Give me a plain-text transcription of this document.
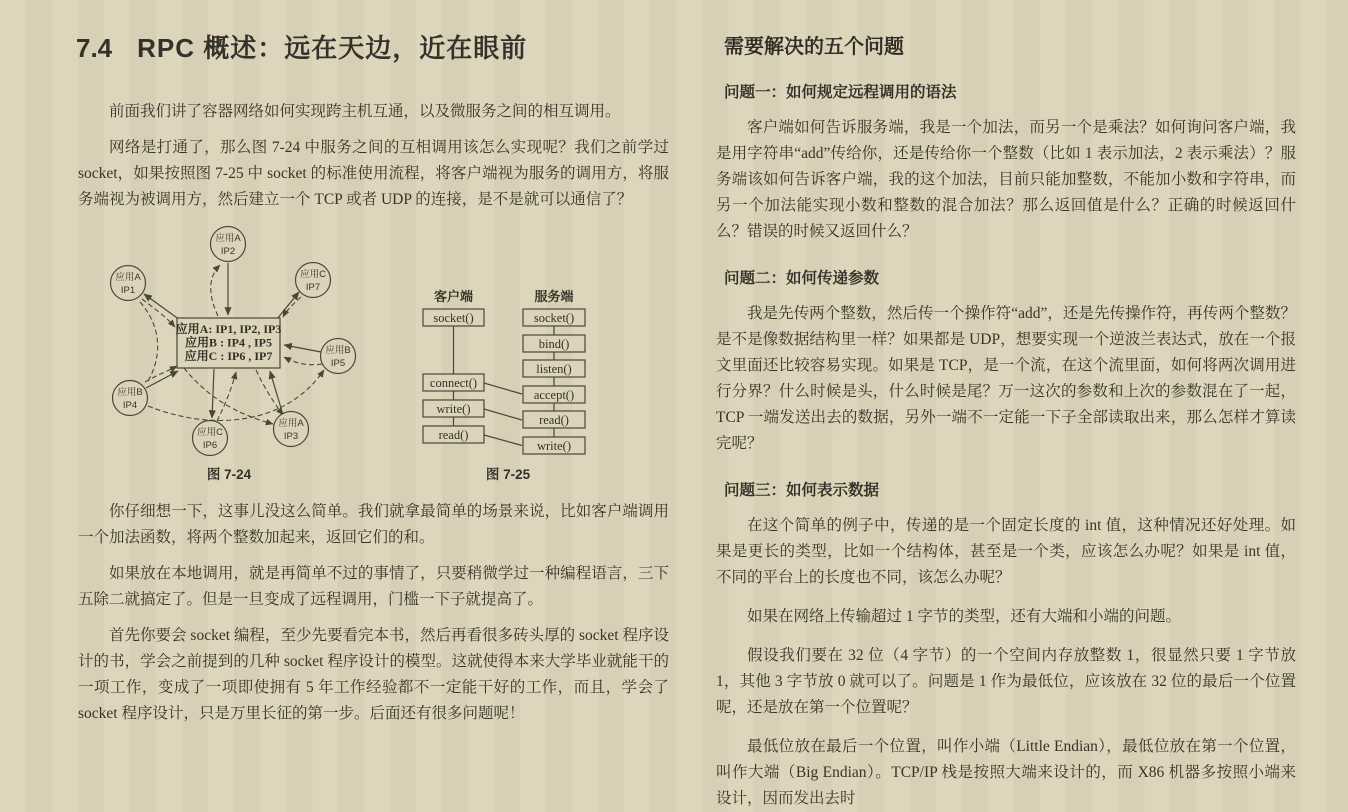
7.4 RPC 概述：远在天边，近在眼前

前面我们讲了容器网络如何实现跨主机互通，以及微服务之间的相互调用。

网络是打通了，那么图 7-24 中服务之间的互相调用该怎么实现呢？我们之前学过 socket，如果按照图 7-25 中 socket 的标准使用流程，将客户端视为服务的调用方，将服务端视为被调用方，然后建立一个 TCP 或者 UDP 的连接，是不是就可以通信了？

应用A: IP1, IP2, IP3
应用B : IP4 , IP5
应用C : IP6 , IP7
应用A
IP2
应用A
IP1
应用C
IP7
应用B
IP5
应用B
IP4
应用C
IP6
应用A
IP3
图 7-24
客户端	服务端
socket()
connect()
write()
read()
socket()
bind()
listen()
accept()
read()
write()
图 7-25

你仔细想一下，这事儿没这么简单。我们就拿最简单的场景来说，比如客户端调用一个加法函数，将两个整数加起来，返回它们的和。

如果放在本地调用，就是再简单不过的事情了，只要稍微学过一种编程语言，三下五除二就搞定了。但是一旦变成了远程调用，门槛一下子就提高了。

首先你要会 socket 编程，至少先要看完本书，然后再看很多砖头厚的 socket 程序设计的书，学会之前提到的几种 socket 程序设计的模型。这就使得本来大学毕业就能干的一项工作，变成了一项即使拥有 5 年工作经验都不一定能干好的工作，而且，学会了 socket 程序设计，只是万里长征的第一步。后面还有很多问题呢！

需要解决的五个问题
问题一：如何规定远程调用的语法

客户端如何告诉服务端，我是一个加法，而另一个是乘法？如何询问客户端，我是用字符串“add”传给你，还是传给你一个整数（比如 1 表示加法，2 表示乘法）？服务端该如何告诉客户端，我的这个加法，目前只能加整数，不能加小数和字符串，而另一个加法能实现小数和整数的混合加法？那么返回值是什么？正确的时候返回什么？错误的时候又返回什么？

问题二：如何传递参数

我是先传两个整数，然后传一个操作符“add”，还是先传操作符，再传两个整数？是不是像数据结构里一样？如果都是 UDP，想要实现一个逆波兰表达式，放在一个报文里面还比较容易实现。如果是 TCP，是一个流，在这个流里面，如何将两次调用进行分界？什么时候是头，什么时候是尾？万一这次的参数和上次的参数混在了一起，TCP 一端发送出去的数据，另外一端不一定能一下子全部读取出来，那么怎样才算读完呢？

问题三：如何表示数据

在这个简单的例子中，传递的是一个固定长度的 int 值，这种情况还好处理。如果是更长的类型，比如一个结构体，甚至是一个类，应该怎么办呢？如果是 int 值，不同的平台上的长度也不同，该怎么办呢？

如果在网络上传输超过 1 字节的类型，还有大端和小端的问题。

假设我们要在 32 位（4 字节）的一个空间内存放整数 1，很显然只要 1 字节放 1，其他 3 字节放 0 就可以了。问题是 1 作为最低位，应该放在 32 位的最后一个位置呢，还是放在第一个位置呢？

最低位放在最后一个位置，叫作小端（Little Endian），最低位放在第一个位置，叫作大端（Big Endian）。TCP/IP 栈是按照大端来设计的，而 X86 机器多按照小端来设计，因而发出去时
